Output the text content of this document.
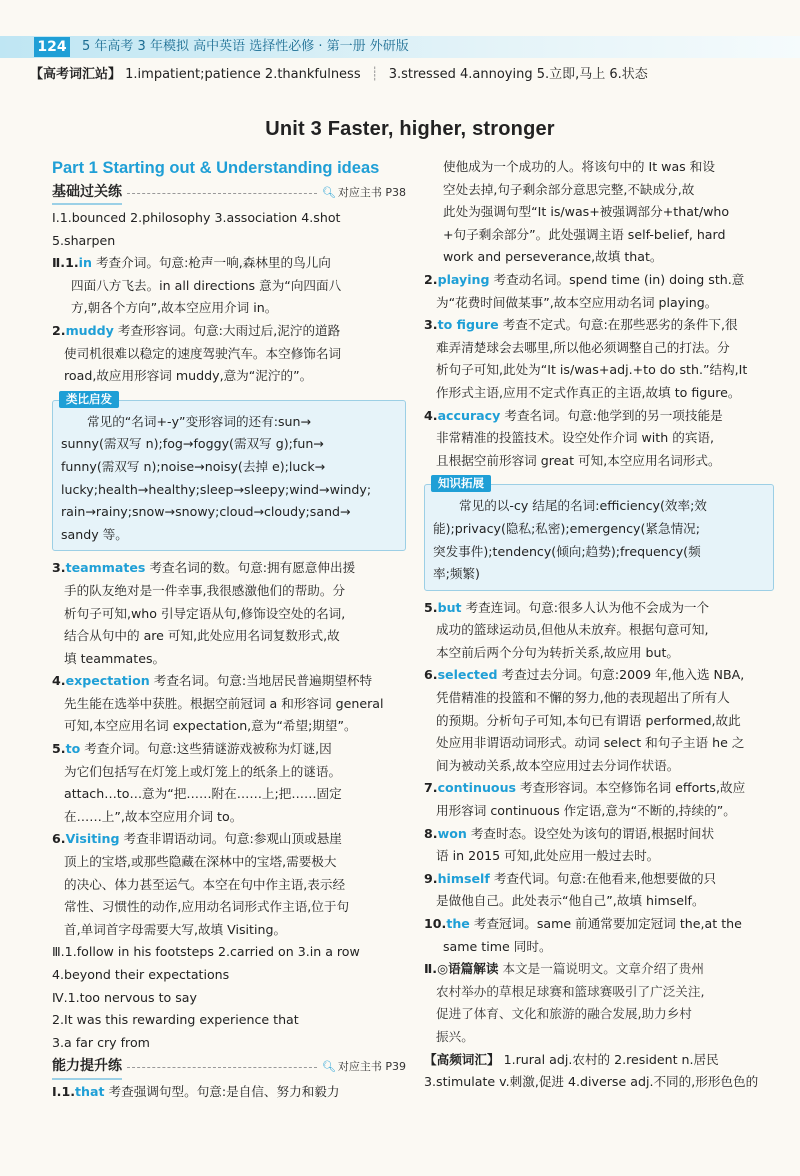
124 5 年高考 3 年模拟 高中英语 选择性必修 · 第一册 外研版
【高考词汇站】 1.impatient;patience 2.thankfulness ┊ 3.stressed 4.annoying 5.立即,马上 6.状态
Unit 3 Faster, higher, stronger
Part 1 Starting out & Understanding ideas
基础过关练	🔍︎ 对应主书 P38
Ⅰ.1.bounced 2.philosophy 3.association 4.shot
5.sharpen
Ⅱ.1.in 考查介词。句意:枪声一响,森林里的鸟儿向
四面八方飞去。in all directions 意为“向四面八
方,朝各个方向”,故本空应用介词 in。
2.muddy 考查形容词。句意:大雨过后,泥泞的道路
使司机很难以稳定的速度驾驶汽车。本空修饰名词
road,故应用形容词 muddy,意为“泥泞的”。
类比启发
常见的“名词+-y”变形容词的还有:sun→
sunny(需双写 n);fog→foggy(需双写 g);fun→
funny(需双写 n);noise→noisy(去掉 e);luck→
lucky;health→healthy;sleep→sleepy;wind→windy;
rain→rainy;snow→snowy;cloud→cloudy;sand→
sandy 等。
3.teammates 考查名词的数。句意:拥有愿意伸出援
手的队友绝对是一件幸事,我很感激他们的帮助。分
析句子可知,who 引导定语从句,修饰设空处的名词,
结合从句中的 are 可知,此处应用名词复数形式,故
填 teammates。
4.expectation 考查名词。句意:当地居民普遍期望杯特
先生能在选举中获胜。根据空前冠词 a 和形容词 general
可知,本空应用名词 expectation,意为“希望;期望”。
5.to 考查介词。句意:这些猜谜游戏被称为灯谜,因
为它们包括写在灯笼上或灯笼上的纸条上的谜语。
attach…to…意为“把……附在……上;把……固定
在……上”,故本空应用介词 to。
6.Visiting 考查非谓语动词。句意:参观山顶或悬崖
顶上的宝塔,或那些隐藏在深林中的宝塔,需要极大
的决心、体力甚至运气。本空在句中作主语,表示经
常性、习惯性的动作,应用动名词形式作主语,位于句
首,单词首字母需要大写,故填 Visiting。
Ⅲ.1.follow in his footsteps 2.carried on 3.in a row
4.beyond their expectations
Ⅳ.1.too nervous to say
2.It was this rewarding experience that
3.a far cry from
能力提升练	🔍︎ 对应主书 P39
Ⅰ.1.that 考查强调句型。句意:是自信、努力和毅力
使他成为一个成功的人。将该句中的 It was 和设
空处去掉,句子剩余部分意思完整,不缺成分,故
此处为强调句型“It is/was+被强调部分+that/who
+句子剩余部分”。此处强调主语 self-belief, hard
work and perseverance,故填 that。
2.playing 考查动名词。spend time (in) doing sth.意
为“花费时间做某事”,故本空应用动名词 playing。
3.to figure 考查不定式。句意:在那些恶劣的条件下,很
难弄清楚球会去哪里,所以他必须调整自己的打法。分
析句子可知,此处为“It is/was+adj.+to do sth.”结构,It
作形式主语,应用不定式作真正的主语,故填 to figure。
4.accuracy 考查名词。句意:他学到的另一项技能是
非常精准的投篮技术。设空处作介词 with 的宾语,
且根据空前形容词 great 可知,本空应用名词形式。
知识拓展
常见的以-cy 结尾的名词:efficiency(效率;效
能);privacy(隐私;私密);emergency(紧急情况;
突发事件);tendency(倾向;趋势);frequency(频
率;频繁)
5.but 考查连词。句意:很多人认为他不会成为一个
成功的篮球运动员,但他从未放弃。根据句意可知,
本空前后两个分句为转折关系,故应用 but。
6.selected 考查过去分词。句意:2009 年,他入选 NBA,
凭借精准的投篮和不懈的努力,他的表现超出了所有人
的预期。分析句子可知,本句已有谓语 performed,故此
处应用非谓语动词形式。动词 select 和句子主语 he 之
间为被动关系,故本空应用过去分词作状语。
7.continuous 考查形容词。本空修饰名词 efforts,故应
用形容词 continuous 作定语,意为“不断的,持续的”。
8.won 考查时态。设空处为该句的谓语,根据时间状
语 in 2015 可知,此处应用一般过去时。
9.himself 考查代词。句意:在他看来,他想要做的只
是做他自己。此处表示“他自己”,故填 himself。
10.the 考查冠词。same 前通常要加定冠词 the,at the
same time 同时。
Ⅱ.◎语篇解读 本文是一篇说明文。文章介绍了贵州
农村举办的草根足球赛和篮球赛吸引了广泛关注,
促进了体育、文化和旅游的融合发展,助力乡村
振兴。
【高频词汇】 1.rural adj.农村的 2.resident n.居民
3.stimulate v.刺激,促进 4.diverse adj.不同的,形形色色的
